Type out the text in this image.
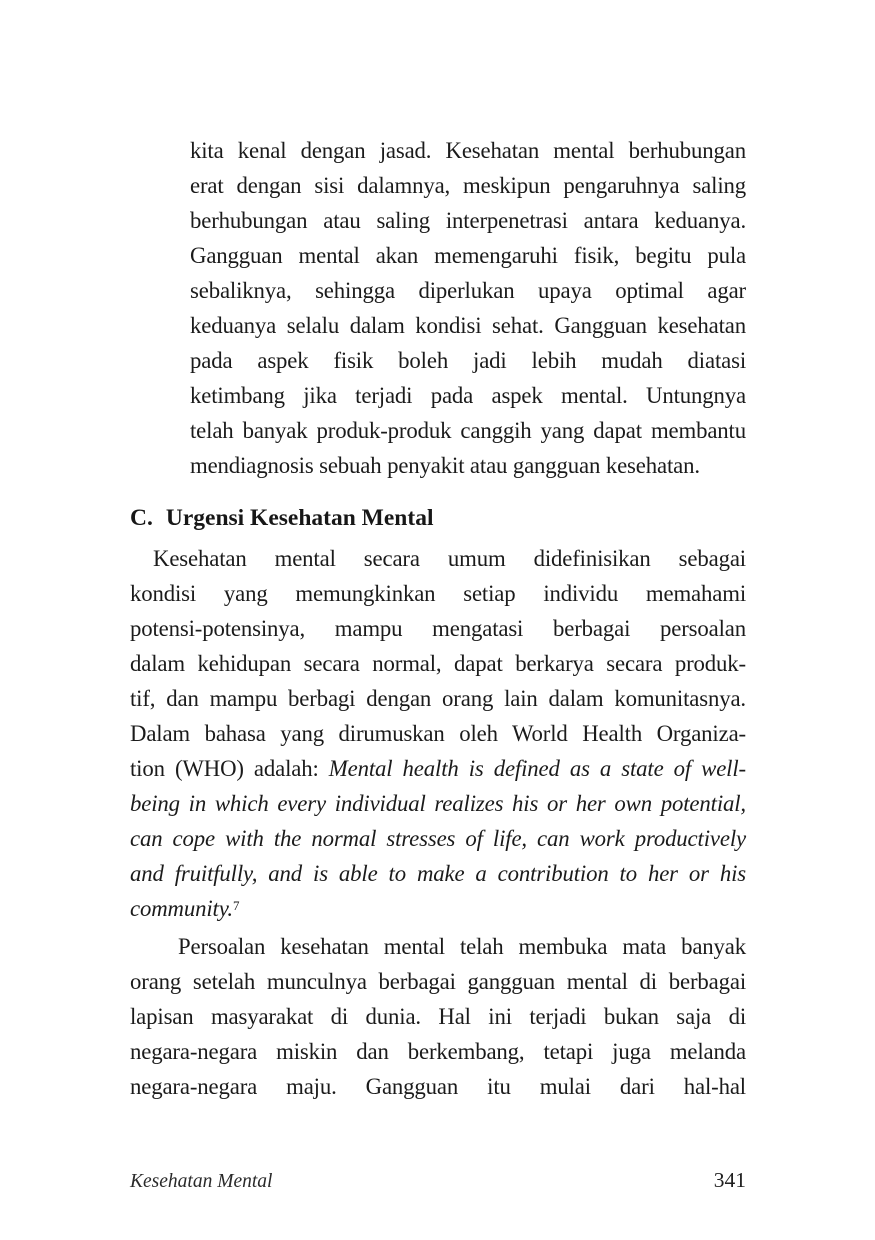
kita kenal dengan jasad. Kesehatan mental berhubungan
erat dengan sisi dalamnya, meskipun pengaruhnya saling
berhubungan atau saling interpenetrasi antara keduanya.
Gangguan mental akan memengaruhi fisik, begitu pula
sebaliknya, sehingga diperlukan upaya optimal agar
keduanya selalu dalam kondisi sehat. Gangguan kesehatan
pada aspek fisik boleh jadi lebih mudah diatasi
ketimbang jika terjadi pada aspek mental. Untungnya
telah banyak produk-produk canggih yang dapat membantu
mendiagnosis sebuah penyakit atau gangguan kesehatan.
C. Urgensi Kesehatan Mental
Kesehatan mental secara umum didefinisikan sebagai
kondisi yang memungkinkan setiap individu memahami
potensi-potensinya, mampu mengatasi berbagai persoalan
dalam kehidupan secara normal, dapat berkarya secara produk-
tif, dan mampu berbagi dengan orang lain dalam komunitasnya.
Dalam bahasa yang dirumuskan oleh World Health Organiza-
tion (WHO) adalah: Mental health is defined as a state of well-
being in which every individual realizes his or her own potential,
can cope with the normal stresses of life, can work productively
and fruitfully, and is able to make a contribution to her or his
community.$^7$
Persoalan kesehatan mental telah membuka mata banyak
orang setelah munculnya berbagai gangguan mental di berbagai
lapisan masyarakat di dunia. Hal ini terjadi bukan saja di
negara-negara miskin dan berkembang, tetapi juga melanda
negara-negara maju. Gangguan itu mulai dari hal-hal
Kesehatan Mental	341
